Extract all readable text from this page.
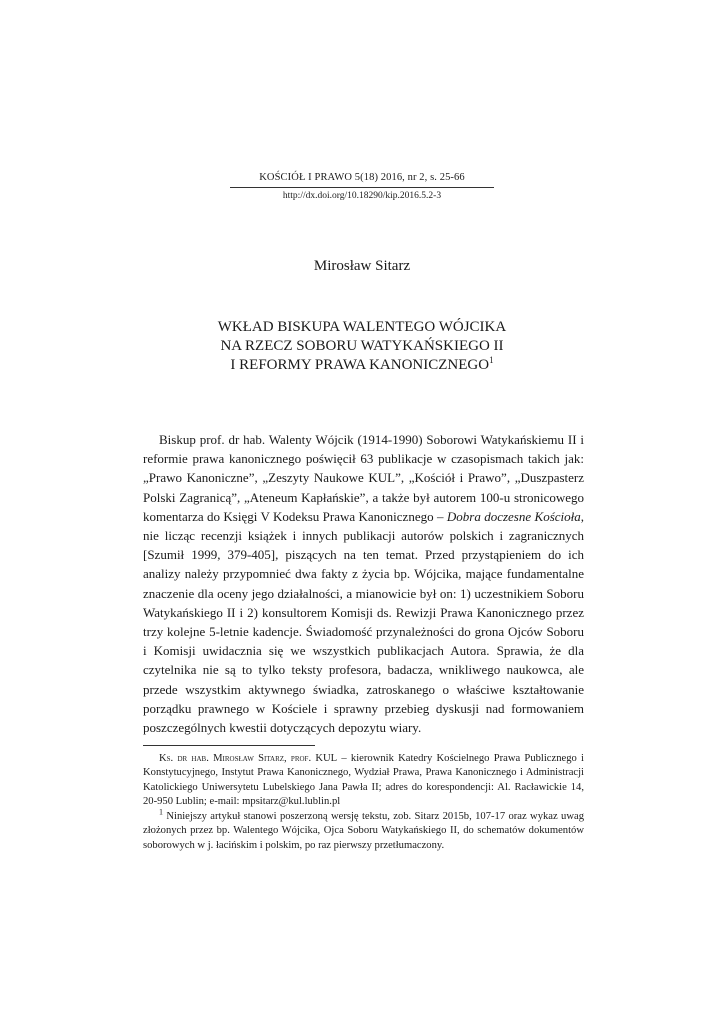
KOŚCIÓŁ I PRAWO 5(18) 2016, nr 2, s. 25-66
http://dx.doi.org/10.18290/kip.2016.5.2-3
Mirosław Sitarz
WKŁAD BISKUPA WALENTEGO WÓJCIKA
NA RZECZ SOBORU WATYKAŃSKIEGO II
I REFORMY PRAWA KANONICZNEGO$^1$

Biskup prof. dr hab. Walenty Wójcik (1914-1990) Soborowi Watykańskiemu II i reformie prawa kanonicznego poświęcił 63 publikacje w czasopismach takich jak: „Prawo Kanoniczne”, „Zeszyty Naukowe KUL”, „Kościół i Prawo”, „Duszpasterz Polski Zagranicą”, „Ateneum Kapłańskie”, a także był autorem 100-u stronicowego komentarza do Księgi V Kodeksu Prawa Kanonicznego – Dobra doczesne Kościoła, nie licząc recenzji książek i innych publikacji autorów polskich i zagranicznych [Szumił 1999, 379-405], piszących na ten temat. Przed przystąpieniem do ich analizy należy przypomnieć dwa fakty z życia bp. Wójcika, mające fundamentalne znaczenie dla oceny jego działalności, a mianowicie był on: 1) uczestnikiem Soboru Watykańskiego II i 2) konsultorem Komisji ds. Rewizji Prawa Kanonicznego przez trzy kolejne 5-letnie kadencje. Świadomość przynależności do grona Ojców Soboru i Komisji uwidacznia się we wszystkich publikacjach Autora. Sprawia, że dla czytelnika nie są to tylko teksty profesora, badacza, wnikliwego naukowca, ale przede wszystkim aktywnego świadka, zatroskanego o właściwe kształtowanie porządku prawnego w Kościele i sprawny przebieg dyskusji nad formowaniem poszczególnych kwestii dotyczących depozytu wiary.

Ks. dr hab. Mirosław Sitarz, prof. KUL – kierownik Katedry Kościelnego Prawa Publicznego i Konstytucyjnego, Instytut Prawa Kanonicznego, Wydział Prawa, Prawa Kanonicznego i Administracji Katolickiego Uniwersytetu Lubelskiego Jana Pawła II; adres do korespondencji: Al. Racławickie 14, 20-950 Lublin; e-mail: mpsitarz@kul.lublin.pl

$^1$ Niniejszy artykuł stanowi poszerzoną wersję tekstu, zob. Sitarz 2015b, 107-17 oraz wykaz uwag złożonych przez bp. Walentego Wójcika, Ojca Soboru Watykańskiego II, do schematów dokumentów soborowych w j. łacińskim i polskim, po raz pierwszy przetłumaczony.
